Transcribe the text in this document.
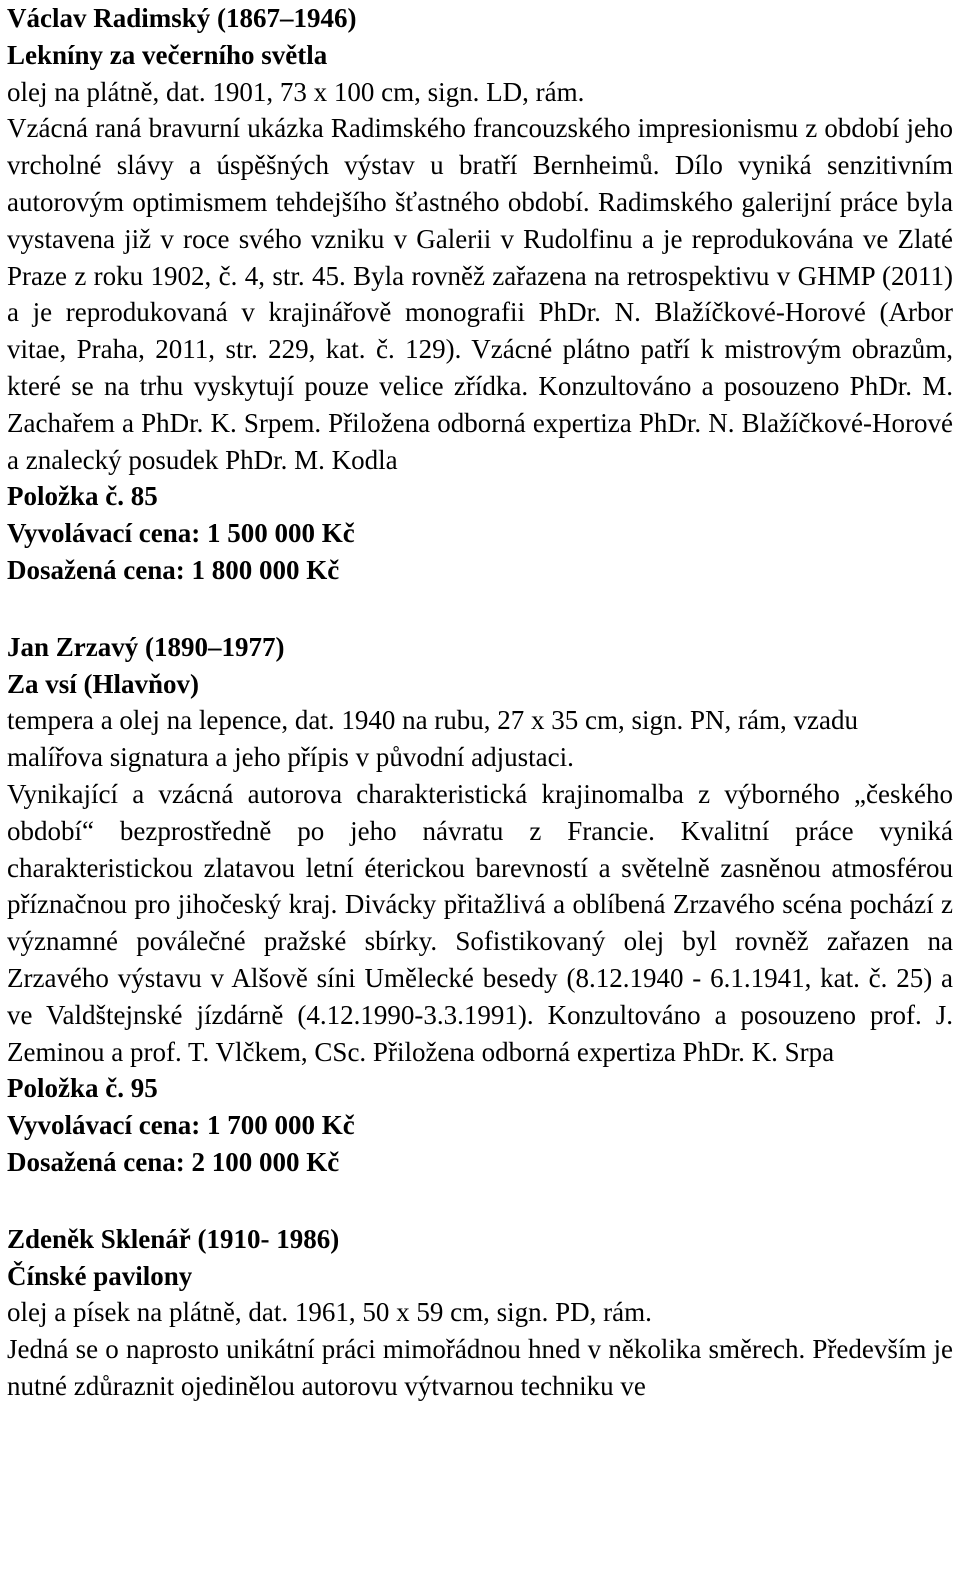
Václav Radimský (1867–1946)
Lekníny za večerního světla
olej na plátně, dat. 1901, 73 x 100 cm, sign. LD, rám.
Vzácná raná bravurní ukázka Radimského francouzského impresionismu z období jeho vrcholné slávy a úspěšných výstav u bratří Bernheimů. Dílo vyniká senzitivním autorovým optimismem tehdejšího šťastného období. Radimského galerijní práce byla vystavena již v roce svého vzniku v Galerii v Rudolfinu a je reprodukována ve Zlaté Praze z roku 1902, č. 4, str. 45. Byla rovněž zařazena na retrospektivu v GHMP (2011) a je reprodukovaná v krajinářově monografii PhDr. N. Blažíčkové-Horové (Arbor vitae, Praha, 2011, str. 229, kat. č. 129). Vzácné plátno patří k mistrovým obrazům, které se na trhu vyskytují pouze velice zřídka. Konzultováno a posouzeno PhDr. M. Zachařem a PhDr. K. Srpem. Přiložena odborná expertiza PhDr. N. Blažíčkové-Horové a znalecký posudek PhDr. M. Kodla
Položka č. 85
Vyvolávací cena: 1 500 000 Kč
Dosažená cena: 1 800 000 Kč
Jan Zrzavý (1890–1977)
Za vsí (Hlavňov)
tempera a olej na lepence, dat. 1940 na rubu, 27 x 35 cm, sign. PN, rám, vzadu malířova signatura a jeho přípis v původní adjustaci.
Vynikající a vzácná autorova charakteristická krajinomalba z výborného „českého období“ bezprostředně po jeho návratu z Francie. Kvalitní práce vyniká charakteristickou zlatavou letní éterickou barevností a světelně zasněnou atmosférou příznačnou pro jihočeský kraj. Divácky přitažlivá a oblíbená Zrzavého scéna pochází z významné poválečné pražské sbírky. Sofistikovaný olej byl rovněž zařazen na Zrzavého výstavu v Alšově síni Umělecké besedy (8.12.1940 - 6.1.1941, kat. č. 25) a ve Valdštejnské jízdárně (4.12.1990-3.3.1991). Konzultováno a posouzeno prof. J. Zeminou a prof. T. Vlčkem, CSc. Přiložena odborná expertiza PhDr. K. Srpa
Položka č. 95
Vyvolávací cena: 1 700 000 Kč
Dosažená cena: 2 100 000 Kč
Zdeněk Sklenář (1910‐ 1986)
Čínské pavilony
olej a písek na plátně, dat. 1961, 50 x 59 cm, sign. PD, rám.
Jedná se o naprosto unikátní práci mimořádnou hned v několika směrech. Především je nutné zdůraznit ojedinělou autorovu výtvarnou techniku ve
